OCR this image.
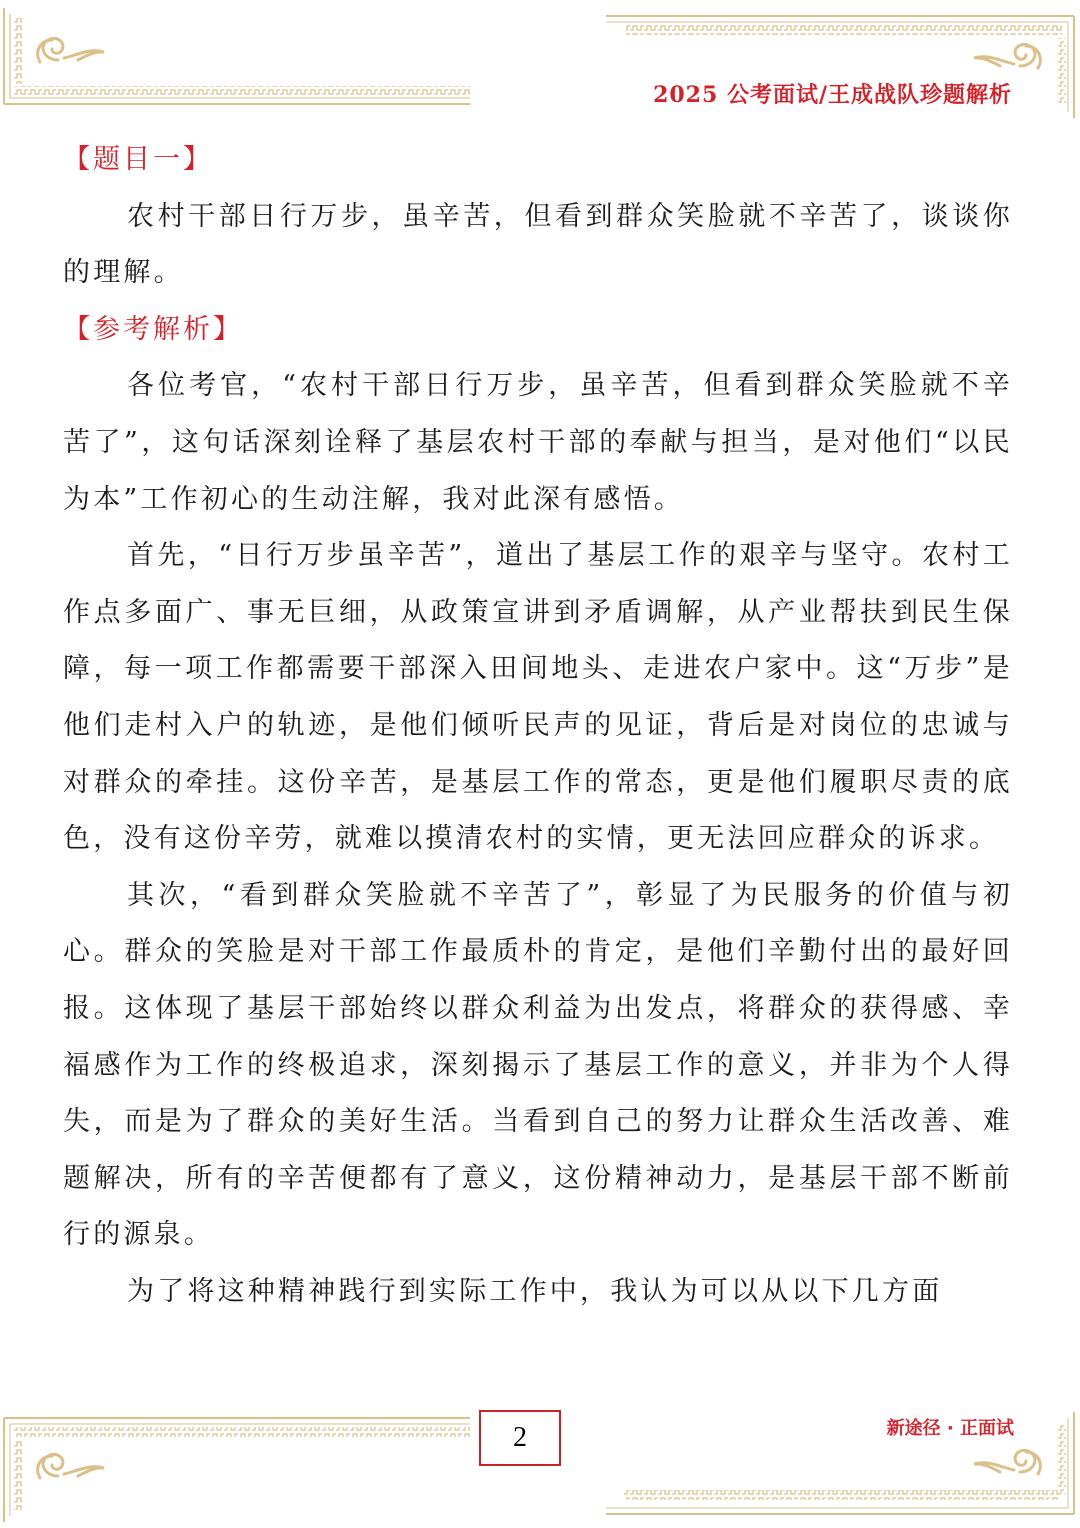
2025 公考面试/王成战队珍题解析

【题目一】

农村干部日行万步，虽辛苦，但看到群众笑脸就不辛苦了，谈谈你的理解。

【参考解析】

各位考官，“农村干部日行万步，虽辛苦，但看到群众笑脸就不辛苦了”，这句话深刻诠释了基层农村干部的奉献与担当，是对他们“以民为本”工作初心的生动注解，我对此深有感悟。

首先，“日行万步虽辛苦”，道出了基层工作的艰辛与坚守。农村工作点多面广、事无巨细，从政策宣讲到矛盾调解，从产业帮扶到民生保障，每一项工作都需要干部深入田间地头、走进农户家中。这“万步”是他们走村入户的轨迹，是他们倾听民声的见证，背后是对岗位的忠诚与对群众的牵挂。这份辛苦，是基层工作的常态，更是他们履职尽责的底色，没有这份辛劳，就难以摸清农村的实情，更无法回应群众的诉求。

其次，“看到群众笑脸就不辛苦了”，彰显了为民服务的价值与初心。群众的笑脸是对干部工作最质朴的肯定，是他们辛勤付出的最好回报。这体现了基层干部始终以群众利益为出发点，将群众的获得感、幸福感作为工作的终极追求，深刻揭示了基层工作的意义，并非为个人得失，而是为了群众的美好生活。当看到自己的努力让群众生活改善、难题解决，所有的辛苦便都有了意义，这份精神动力，是基层干部不断前行的源泉。

为了将这种精神践行到实际工作中，我认为可以从以下几方面

2	新途径 · 正面试
